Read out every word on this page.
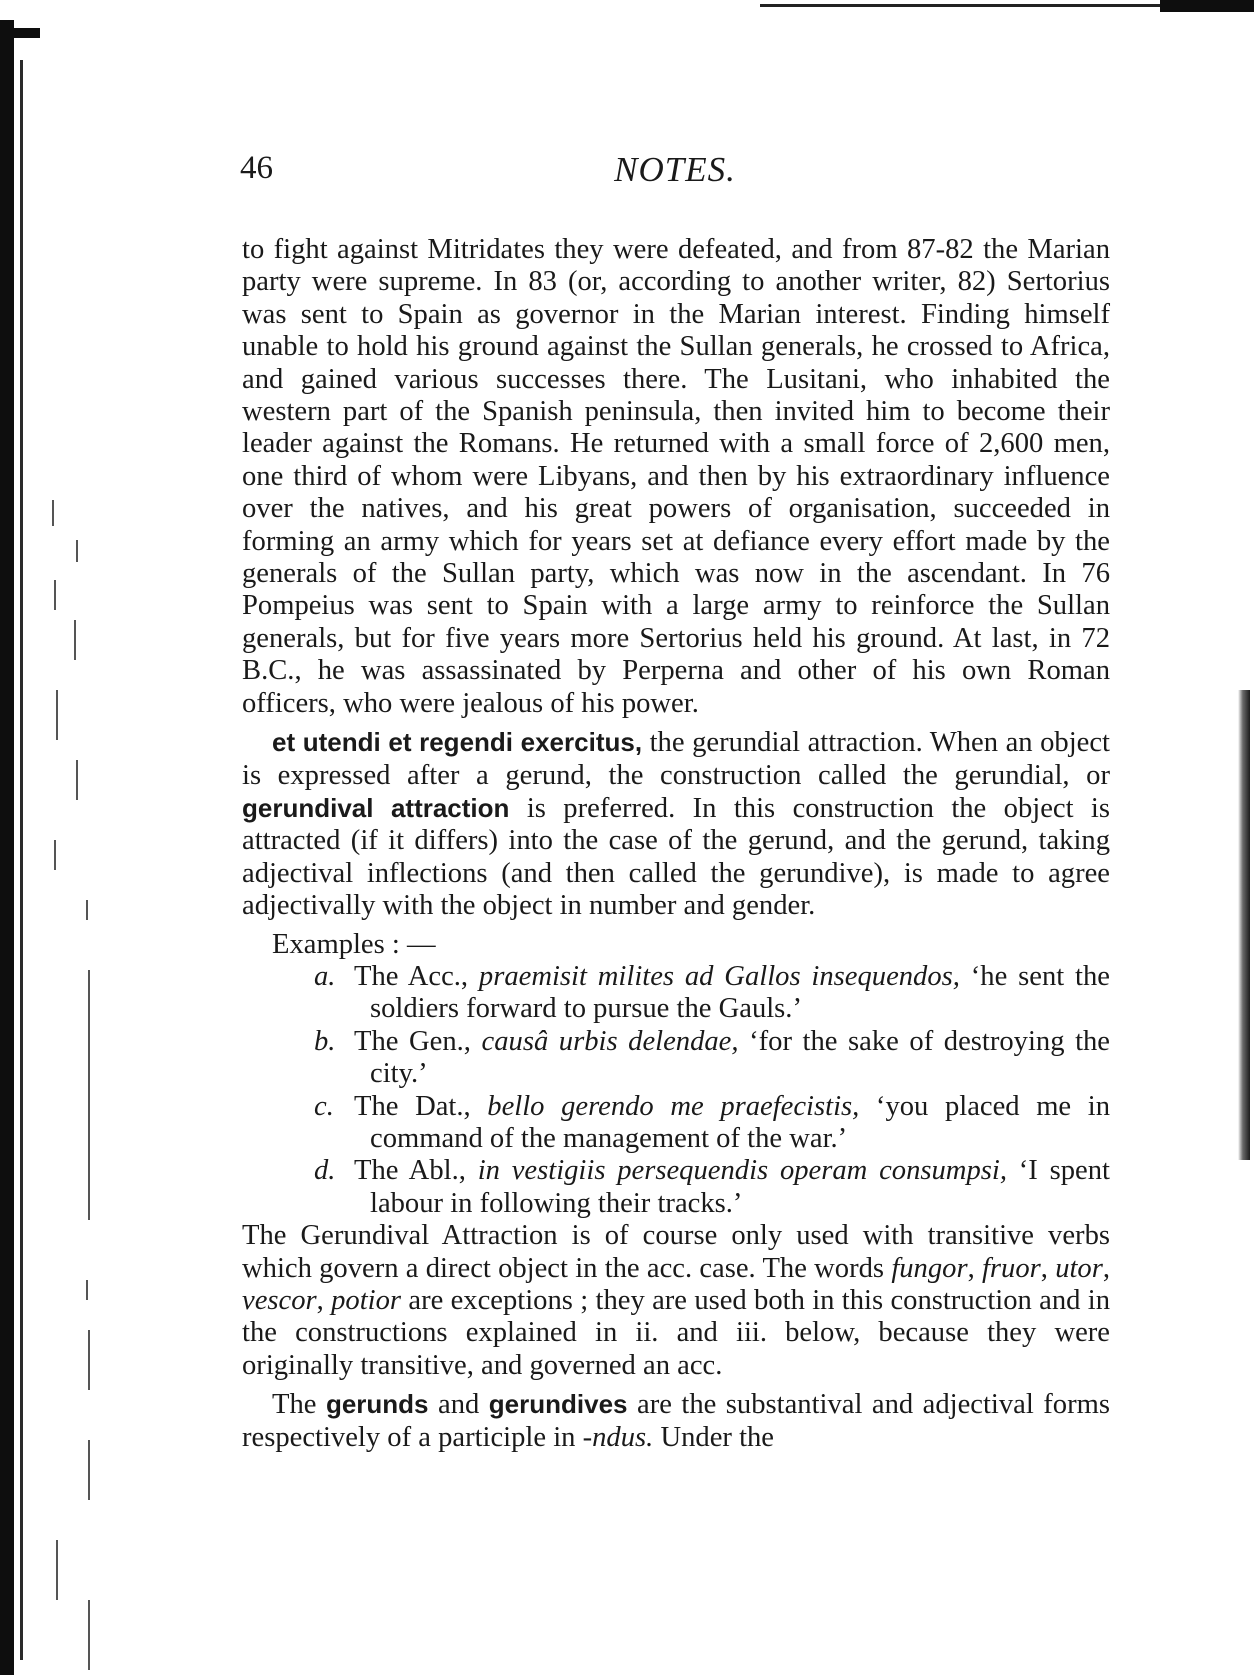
46	NOTES.

to fight against Mitridates they were defeated, and from 87-82 the Marian party were supreme. In 83 (or, according to another writer, 82) Sertorius was sent to Spain as governor in the Marian interest. Finding himself unable to hold his ground against the Sullan generals, he crossed to Africa, and gained various successes there. The Lusitani, who inhabited the western part of the Spanish peninsula, then invited him to become their leader against the Romans. He returned with a small force of 2,600 men, one third of whom were Libyans, and then by his extraordinary influence over the natives, and his great powers of organisation, succeeded in forming an army which for years set at defiance every effort made by the generals of the Sullan party, which was now in the ascendant. In 76 Pompeius was sent to Spain with a large army to reinforce the Sullan generals, but for five years more Sertorius held his ground. At last, in 72 B.C., he was assassinated by Perperna and other of his own Roman officers, who were jealous of his power.

et utendi et regendi exercitus, the gerundial attraction. When an object is expressed after a gerund, the construction called the gerundial, or gerundival attraction is preferred. In this construction the object is attracted (if it differs) into the case of the gerund, and the gerund, taking adjectival inflections (and then called the gerundive), is made to agree adjectivally with the object in number and gender.

Examples : —

a. The Acc., praemisit milites ad Gallos insequendos, ‘he sent the soldiers forward to pursue the Gauls.’

b. The Gen., causâ urbis delendae, ‘for the sake of destroying the city.’

c. The Dat., bello gerendo me praefecistis, ‘you placed me in command of the management of the war.’

d. The Abl., in vestigiis persequendis operam consumpsi, ‘I spent labour in following their tracks.’

The Gerundival Attraction is of course only used with transitive verbs which govern a direct object in the acc. case. The words fungor, fruor, utor, vescor, potior are exceptions ; they are used both in this construction and in the constructions explained in ii. and iii. below, because they were originally transitive, and governed an acc.

The gerunds and gerundives are the substantival and adjectival forms respectively of a participle in -ndus. Under the
